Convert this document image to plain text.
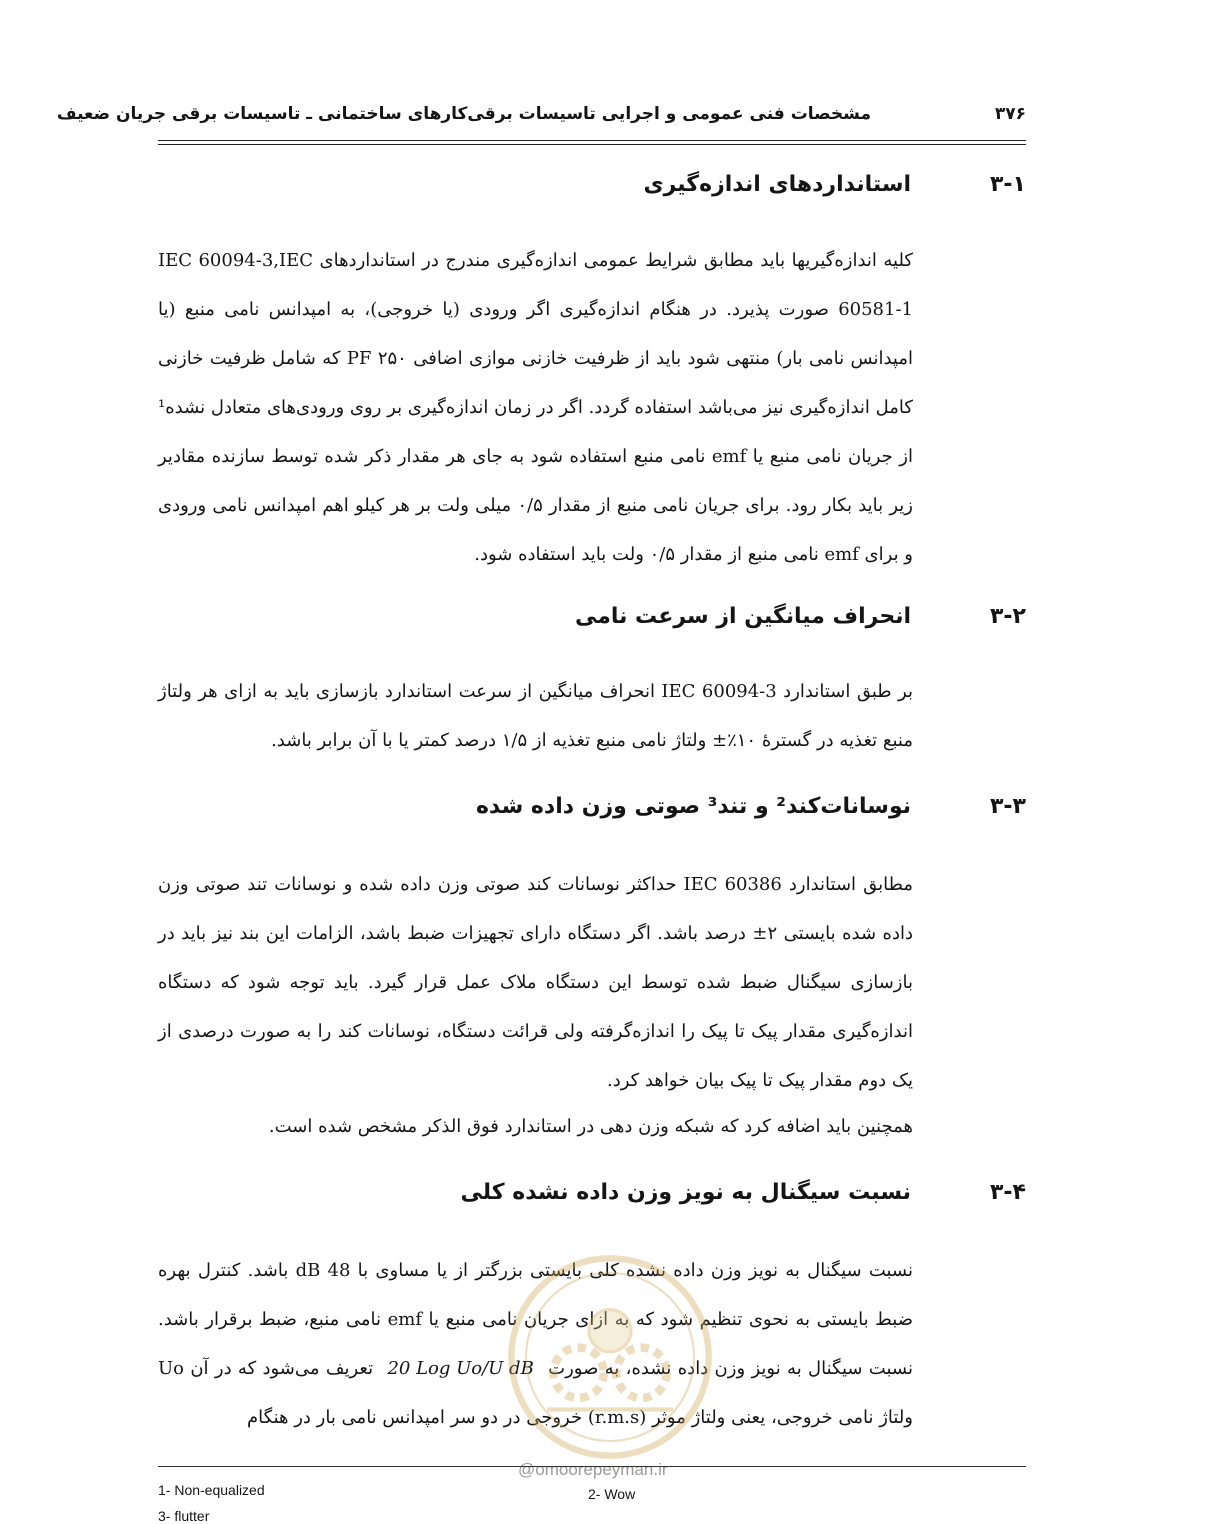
۳۷۶
مشخصات فنی عمومی و اجرایی تاسیسات برقی‌کارهای ساختمانی ـ تاسیسات برقی جریان ضعیف
۳-۱
استانداردهای اندازه‌گیری

کلیه اندازه‌گیریها باید مطابق شرایط عمومی اندازه‌گیری مندرج در استانداردهای IEC 60094-3,IEC 60581-1 صورت پذیرد. در هنگام اندازه‌گیری اگر ورودی (یا خروجی)، به امپدانس نامی منبع (یا امپدانس نامی بار) منتهی شود باید از ظرفیت خازنی موازی اضافی ۲۵۰ PF که شامل ظرفیت خازنی کامل اندازه‌گیری نیز می‌باشد استفاده گردد. اگر در زمان اندازه‌گیری بر روی ورودی‌های متعادل نشده¹ از جریان نامی منبع یا emf نامی منبع استفاده شود به جای هر مقدار ذکر شده توسط سازنده مقادیر زیر باید بکار رود. برای جریان نامی منبع از مقدار ۰/۵ میلی ولت بر هر کیلو اهم امپدانس نامی ورودی و برای emf نامی منبع از مقدار ۰/۵ ولت باید استفاده شود.

۳-۲
انحراف میانگین از سرعت نامی

بر طبق استاندارد IEC 60094-3 انحراف میانگین از سرعت استاندارد بازسازی باید به ازای هر ولتاژ منبع تغذیه در گسترهٔ ۱۰٪± ولتاژ نامی منبع تغذیه از ۱/۵ درصد کمتر یا با آن برابر باشد.

۳-۳
نوسانات‌کند² و تند³ صوتی وزن داده شده

مطابق استاندارد IEC 60386 حداکثر نوسانات کند صوتی وزن داده شده و نوسانات تند صوتی وزن داده شده بایستی ۲± درصد باشد. اگر دستگاه دارای تجهیزات ضبط باشد، الزامات این بند نیز باید در بازسازی سیگنال ضبط شده توسط این دستگاه ملاک عمل قرار گیرد. باید توجه شود که دستگاه اندازه‌گیری مقدار پیک تا پیک را اندازه‌گرفته ولی قرائت دستگاه، نوسانات کند را به صورت درصدی از یک دوم مقدار پیک تا پیک بیان خواهد کرد.

همچنین باید اضافه کرد که شبکه وزن دهی در استاندارد فوق الذکر مشخص شده است.

۳-۴
نسبت سیگنال به نویز وزن داده نشده کلی

نسبت سیگنال به نویز وزن داده نشده کلی بایستی بزرگتر از یا مساوی با 48 dB باشد. کنترل بهره ضبط بایستی به نحوی تنظیم شود که به ازای جریان نامی منبع یا emf نامی منبع، ضبط برقرار باشد. نسبت سیگنال به نویز وزن داده نشده، به صورت 20 Log Uo/U dB تعریف می‌شود که در آن Uo ولتاژ نامی خروجی، یعنی ولتاژ موثر (r.m.s) خروجی در دو سر امپدانس نامی بار در هنگام

@omoorepeyman.ir
1- Non-equalized	2- Wow
3- flutter
